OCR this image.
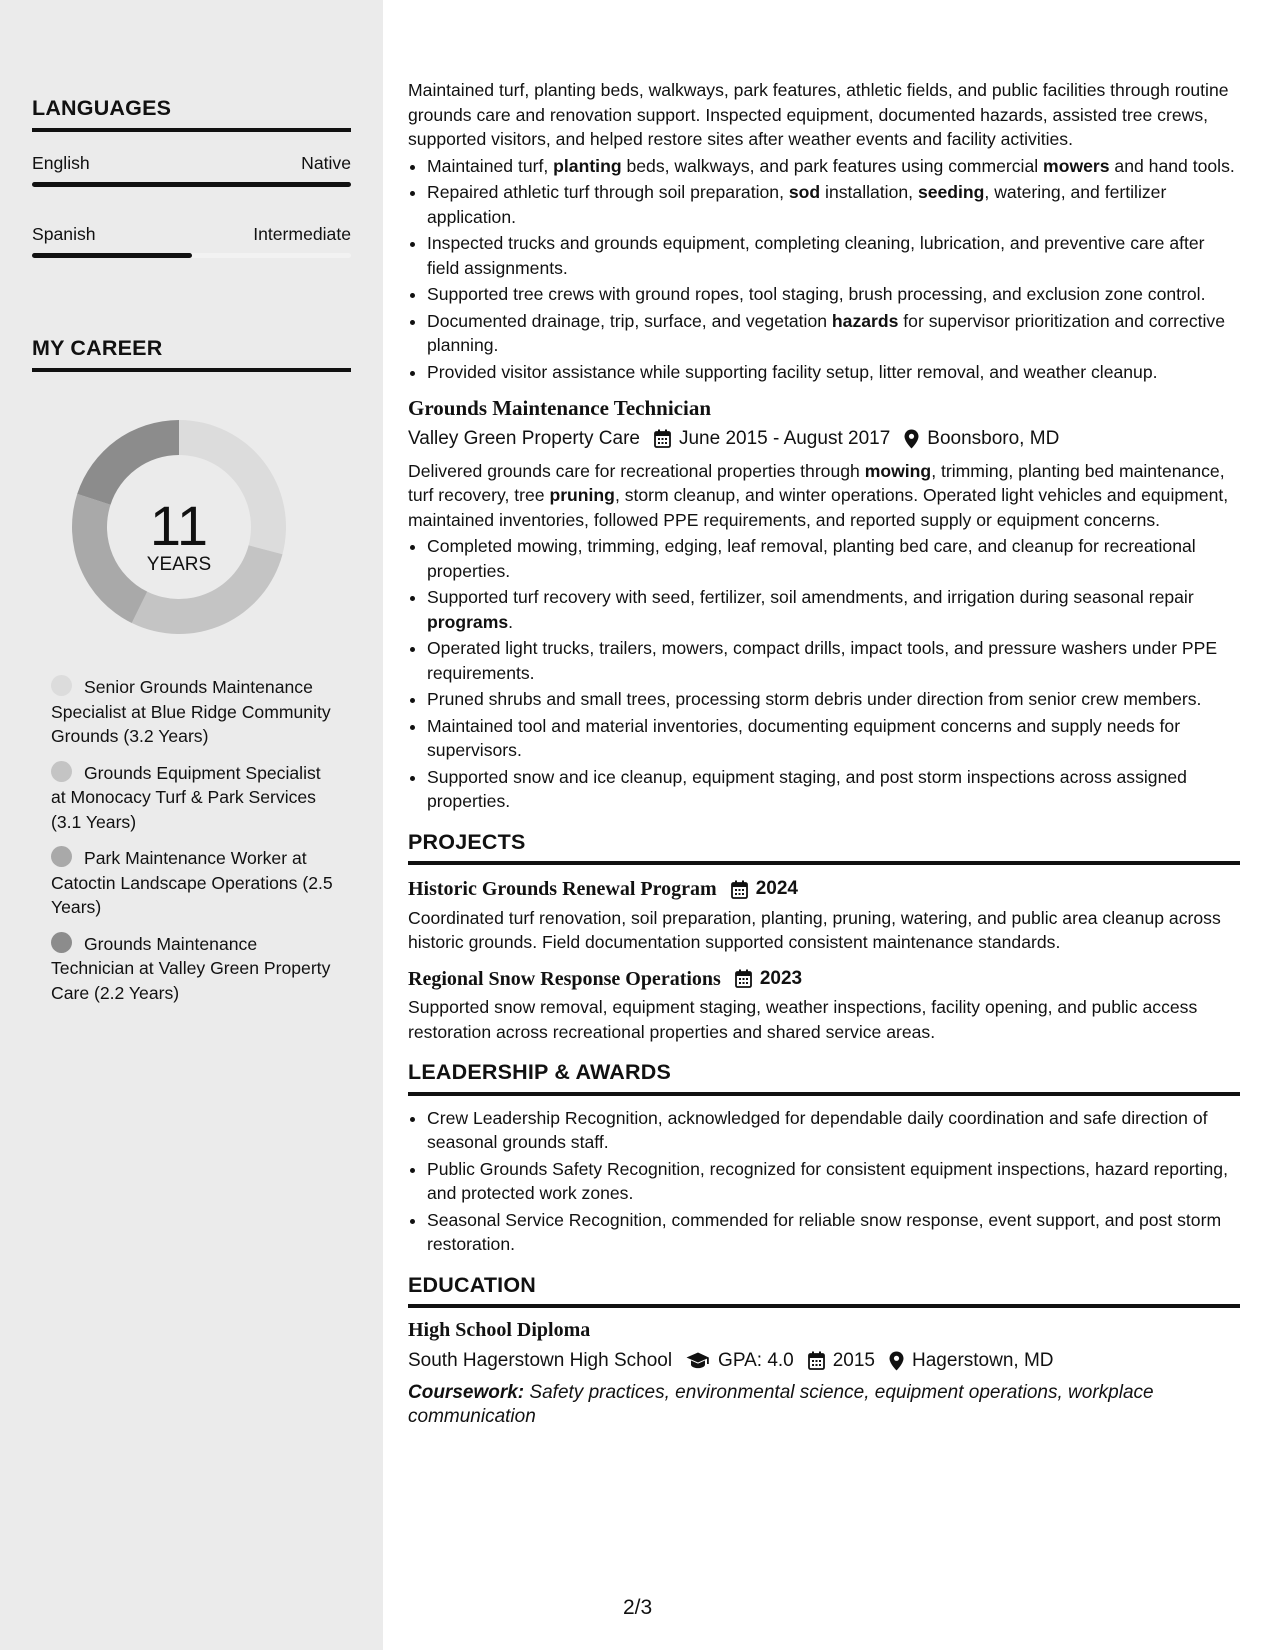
LANGUAGES
English	Native
Spanish	Intermediate
MY CAREER
11
YEARS
Senior Grounds Maintenance Specialist at Blue Ridge Community Grounds (3.2 Years)
Grounds Equipment Specialist at Monocacy Turf & Park Services (3.1 Years)
Park Maintenance Worker at Catoctin Landscape Operations (2.5 Years)
Grounds Maintenance Technician at Valley Green Property Care (2.2 Years)

Maintained turf, planting beds, walkways, park features, athletic fields, and public facilities through routine grounds care and renovation support. Inspected equipment, documented hazards, assisted tree crews, supported visitors, and helped restore sites after weather events and facility activities.

• Maintained turf, planting beds, walkways, and park features using commercial mowers and hand tools.
• Repaired athletic turf through soil preparation, sod installation, seeding, watering, and fertilizer application.
• Inspected trucks and grounds equipment, completing cleaning, lubrication, and preventive care after field assignments.
• Supported tree crews with ground ropes, tool staging, brush processing, and exclusion zone control.
• Documented drainage, trip, surface, and vegetation hazards for supervisor prioritization and corrective planning.
• Provided visitor assistance while supporting facility setup, litter removal, and weather cleanup.
Grounds Maintenance Technician
Valley Green Property Care June 2015 - August 2017 Boonsboro, MD

Delivered grounds care for recreational properties through mowing, trimming, planting bed maintenance, turf recovery, tree pruning, storm cleanup, and winter operations. Operated light vehicles and equipment, maintained inventories, followed PPE requirements, and reported supply or equipment concerns.

• Completed mowing, trimming, edging, leaf removal, planting bed care, and cleanup for recreational properties.
• Supported turf recovery with seed, fertilizer, soil amendments, and irrigation during seasonal repair programs.
• Operated light trucks, trailers, mowers, compact drills, impact tools, and pressure washers under PPE requirements.
• Pruned shrubs and small trees, processing storm debris under direction from senior crew members.
• Maintained tool and material inventories, documenting equipment concerns and supply needs for supervisors.
• Supported snow and ice cleanup, equipment staging, and post storm inspections across assigned properties.
PROJECTS
Historic Grounds Renewal Program 2024

Coordinated turf renovation, soil preparation, planting, pruning, watering, and public area cleanup across historic grounds. Field documentation supported consistent maintenance standards.

Regional Snow Response Operations 2023

Supported snow removal, equipment staging, weather inspections, facility opening, and public access restoration across recreational properties and shared service areas.

LEADERSHIP & AWARDS
• Crew Leadership Recognition, acknowledged for dependable daily coordination and safe direction of seasonal grounds staff.
• Public Grounds Safety Recognition, recognized for consistent equipment inspections, hazard reporting, and protected work zones.
• Seasonal Service Recognition, commended for reliable snow response, event support, and post storm restoration.
EDUCATION
High School Diploma
South Hagerstown High School GPA: 4.0 2015 Hagerstown, MD
Coursework: Safety practices, environmental science, equipment operations, workplace communication
2/3
